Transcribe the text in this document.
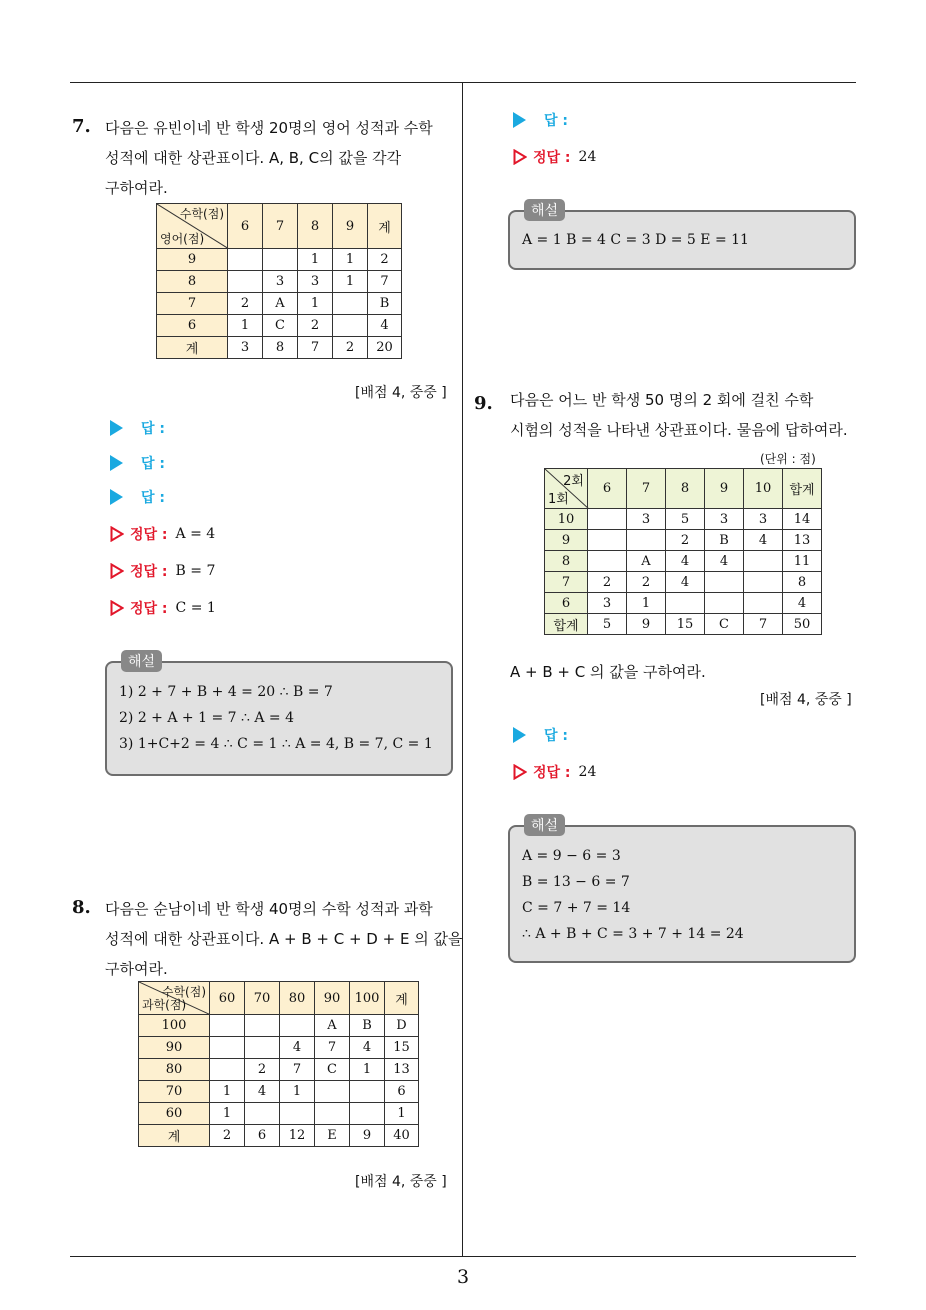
3
7. 다음은 유빈이네 반 학생 20명의 영어 성적과 수학
성적에 대한 상관표이다. A, B, C의 값을 각각
구하여라.
수학(점)
영어(점)	6	7	8	9	계
9			1	1	2
8		3	3	1	7
7	2	A	1		B
6	1	C	2		4
계	3	8	7	2	20
[배점 4, 중중 ]
답 :
답 :
답 :
정답 : A = 4
정답 : B = 7
정답 : C = 1
해설
1) 2 + 7 + B + 4 = 20 ∴ B = 7
2) 2 + A + 1 = 7 ∴ A = 4
3) 1+C+2 = 4 ∴ C = 1 ∴ A = 4, B = 7, C = 1
8. 다음은 순남이네 반 학생 40명의 수학 성적과 과학
성적에 대한 상관표이다. A + B + C + D + E 의 값을
구하여라.
수학(점)
과학(점)	60	70	80	90	100	계
100				A	B	D
90			4	7	4	15
80		2	7	C	1	13
70	1	4	1			6
60	1					1
계	2	6	12	E	9	40
[배점 4, 중중 ]
답 :
정답 : 24
해설
A = 1 B = 4 C = 3 D = 5 E = 11
9. 다음은 어느 반 학생 50 명의 2 회에 걸친 수학
시험의 성적을 나타낸 상관표이다. 물음에 답하여라.
(단위 : 점)
2회
1회	6	7	8	9	10	합계
10		3	5	3	3	14
9			2	B	4	13
8		A	4	4		11
7	2	2	4			8
6	3	1				4
합계	5	9	15	C	7	50
A + B + C 의 값을 구하여라.
[배점 4, 중중 ]
답 :
정답 : 24
해설
A = 9 − 6 = 3
B = 13 − 6 = 7
C = 7 + 7 = 14
∴ A + B + C = 3 + 7 + 14 = 24
